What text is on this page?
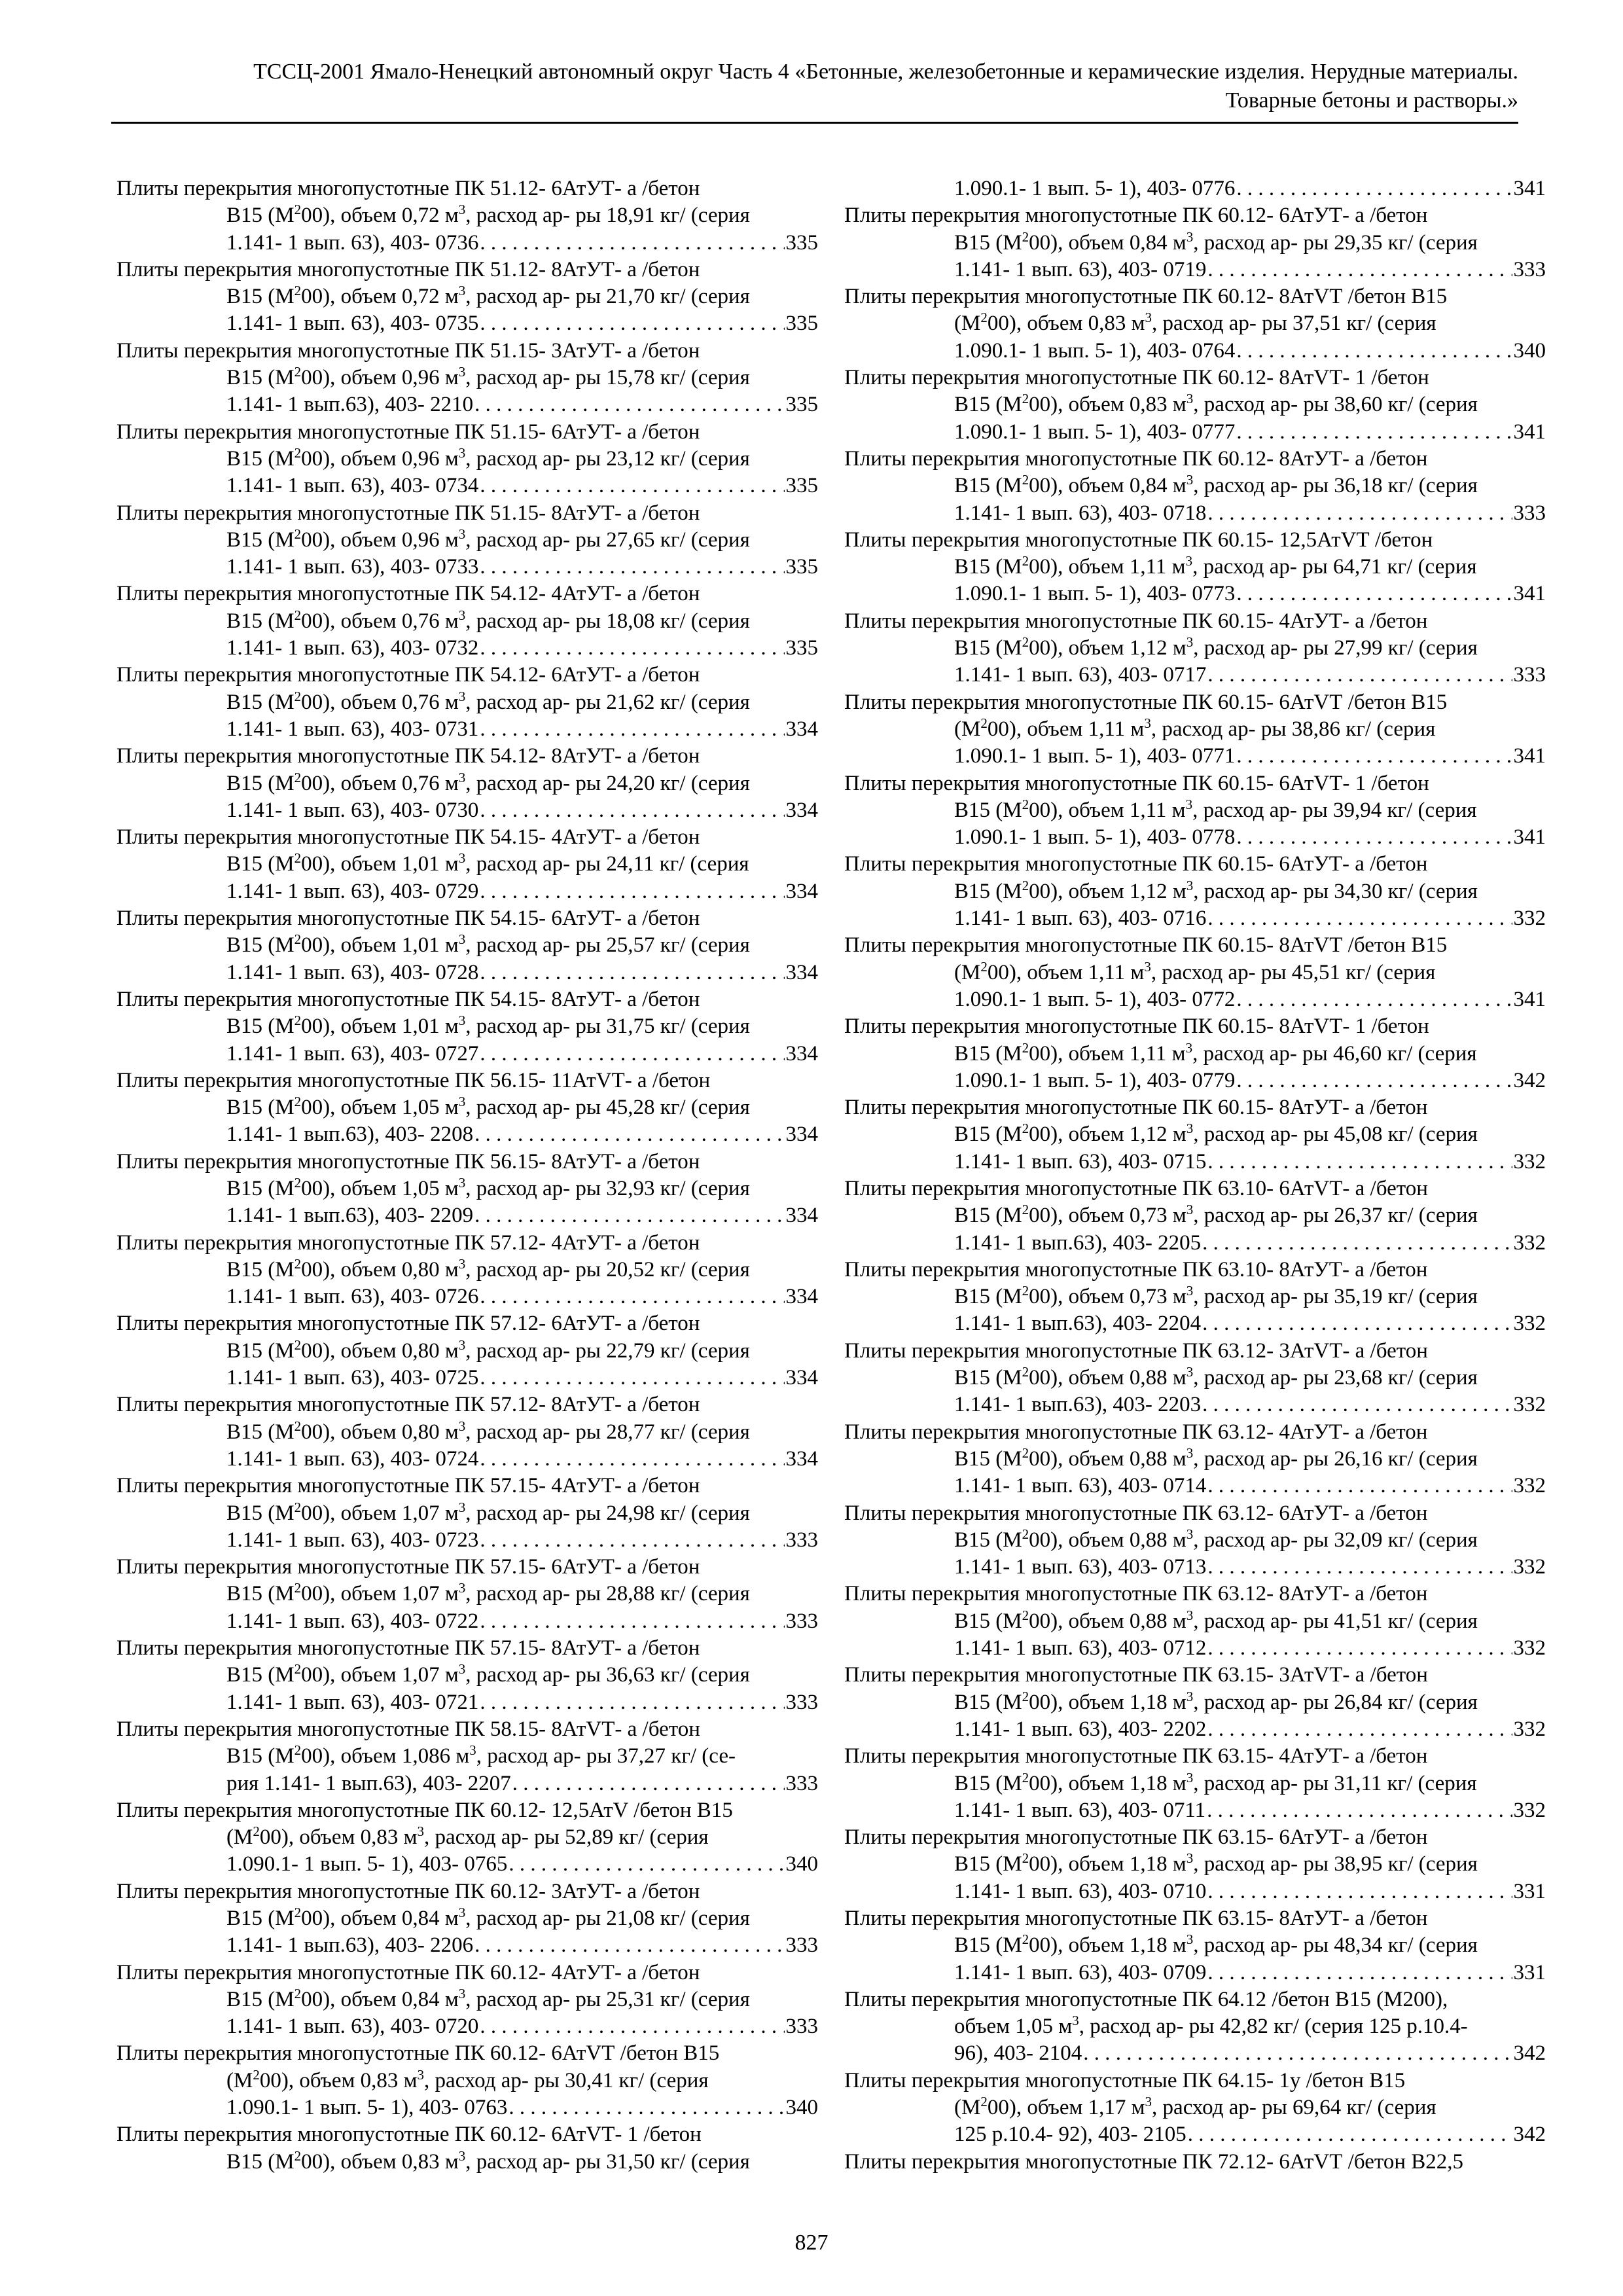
ТССЦ-2001 Ямало-Ненецкий автономный округ Часть 4 «Бетонные, железобетонные и керамические изделия. Нерудные материалы.
Товарные бетоны и растворы.»

Плиты перекрытия многопустотные ПК 51.12- 6АтУТ- а /бетон

В15 $(М^200)$, объем 0,72 $м^3$, расход ар- ры 18,91 кг/ (серия

1.141- 1 вып. 63), 403- 0736 . . .	335

Плиты перекрытия многопустотные ПК 51.12- 8АтУТ- а /бетон

В15 $(М^200)$, объем 0,72 $м^3$, расход ар- ры 21,70 кг/ (серия

1.141- 1 вып. 63), 403- 0735 . . .	335

Плиты перекрытия многопустотные ПК 51.15- 3АтУТ- а /бетон

В15 $(М^200)$, объем 0,96 $м^3$, расход ар- ры 15,78 кг/ (серия

1.141- 1 вып.63), 403- 2210 . . .	335

Плиты перекрытия многопустотные ПК 51.15- 6АтУТ- а /бетон

В15 $(М^200)$, объем 0,96 $м^3$, расход ар- ры 23,12 кг/ (серия

1.141- 1 вып. 63), 403- 0734 . . .	335

Плиты перекрытия многопустотные ПК 51.15- 8АтУТ- а /бетон

В15 $(М^200)$, объем 0,96 $м^3$, расход ар- ры 27,65 кг/ (серия

1.141- 1 вып. 63), 403- 0733 . . .	335

Плиты перекрытия многопустотные ПК 54.12- 4АтУТ- а /бетон

В15 $(М^200)$, объем 0,76 $м^3$, расход ар- ры 18,08 кг/ (серия

1.141- 1 вып. 63), 403- 0732 . . .	335

Плиты перекрытия многопустотные ПК 54.12- 6АтУТ- а /бетон

В15 $(М^200)$, объем 0,76 $м^3$, расход ар- ры 21,62 кг/ (серия

1.141- 1 вып. 63), 403- 0731 . . .	334

Плиты перекрытия многопустотные ПК 54.12- 8АтУТ- а /бетон

В15 $(М^200)$, объем 0,76 $м^3$, расход ар- ры 24,20 кг/ (серия

1.141- 1 вып. 63), 403- 0730 . . .	334

Плиты перекрытия многопустотные ПК 54.15- 4АтУТ- а /бетон

В15 $(М^200)$, объем 1,01 $м^3$, расход ар- ры 24,11 кг/ (серия

1.141- 1 вып. 63), 403- 0729 . . .	334

Плиты перекрытия многопустотные ПК 54.15- 6АтУТ- а /бетон

В15 $(М^200)$, объем 1,01 $м^3$, расход ар- ры 25,57 кг/ (серия

1.141- 1 вып. 63), 403- 0728 . . .	334

Плиты перекрытия многопустотные ПК 54.15- 8АтУТ- а /бетон

В15 $(М^200)$, объем 1,01 $м^3$, расход ар- ры 31,75 кг/ (серия

1.141- 1 вып. 63), 403- 0727 . . .	334

Плиты перекрытия многопустотные ПК 56.15- 11АтVТ- а /бетон

В15 $(М^200)$, объем 1,05 $м^3$, расход ар- ры 45,28 кг/ (серия

1.141- 1 вып.63), 403- 2208 . . .	334

Плиты перекрытия многопустотные ПК 56.15- 8АтУТ- а /бетон

В15 $(М^200)$, объем 1,05 $м^3$, расход ар- ры 32,93 кг/ (серия

1.141- 1 вып.63), 403- 2209 . . .	334

Плиты перекрытия многопустотные ПК 57.12- 4АтУТ- а /бетон

В15 $(М^200)$, объем 0,80 $м^3$, расход ар- ры 20,52 кг/ (серия

1.141- 1 вып. 63), 403- 0726 . . .	334

Плиты перекрытия многопустотные ПК 57.12- 6АтУТ- а /бетон

В15 $(М^200)$, объем 0,80 $м^3$, расход ар- ры 22,79 кг/ (серия

1.141- 1 вып. 63), 403- 0725 . . .	334

Плиты перекрытия многопустотные ПК 57.12- 8АтУТ- а /бетон

В15 $(М^200)$, объем 0,80 $м^3$, расход ар- ры 28,77 кг/ (серия

1.141- 1 вып. 63), 403- 0724 . . .	334

Плиты перекрытия многопустотные ПК 57.15- 4АтУТ- а /бетон

В15 $(М^200)$, объем 1,07 $м^3$, расход ар- ры 24,98 кг/ (серия

1.141- 1 вып. 63), 403- 0723 . . .	333

Плиты перекрытия многопустотные ПК 57.15- 6АтУТ- а /бетон

В15 $(М^200)$, объем 1,07 $м^3$, расход ар- ры 28,88 кг/ (серия

1.141- 1 вып. 63), 403- 0722 . . .	333

Плиты перекрытия многопустотные ПК 57.15- 8АтУТ- а /бетон

В15 $(М^200)$, объем 1,07 $м^3$, расход ар- ры 36,63 кг/ (серия

1.141- 1 вып. 63), 403- 0721 . . .	333

Плиты перекрытия многопустотные ПК 58.15- 8АтVТ- а /бетон

В15 $(М^200)$, объем 1,086 $м^3$, расход ар- ры 37,27 кг/ (се-

рия 1.141- 1 вып.63), 403- 2207 . . .	333

Плиты перекрытия многопустотные ПК 60.12- 12,5АтV /бетон В15

$(М^200)$, объем 0,83 $м^3$, расход ар- ры 52,89 кг/ (серия

1.090.1- 1 вып. 5- 1), 403- 0765 . . .	340

Плиты перекрытия многопустотные ПК 60.12- 3АтУТ- а /бетон

В15 $(М^200)$, объем 0,84 $м^3$, расход ар- ры 21,08 кг/ (серия

1.141- 1 вып.63), 403- 2206 . . .	333

Плиты перекрытия многопустотные ПК 60.12- 4АтУТ- а /бетон

В15 $(М^200)$, объем 0,84 $м^3$, расход ар- ры 25,31 кг/ (серия

1.141- 1 вып. 63), 403- 0720 . . .	333

Плиты перекрытия многопустотные ПК 60.12- 6АтVТ /бетон В15

$(М^200)$, объем 0,83 $м^3$, расход ар- ры 30,41 кг/ (серия

1.090.1- 1 вып. 5- 1), 403- 0763 . . .	340

Плиты перекрытия многопустотные ПК 60.12- 6АтVТ- 1 /бетон

В15 $(М^200)$, объем 0,83 $м^3$, расход ар- ры 31,50 кг/ (серия

1.090.1- 1 вып. 5- 1), 403- 0776 . . .	341

Плиты перекрытия многопустотные ПК 60.12- 6АтУТ- а /бетон

В15 $(М^200)$, объем 0,84 $м^3$, расход ар- ры 29,35 кг/ (серия

1.141- 1 вып. 63), 403- 0719 . . .	333

Плиты перекрытия многопустотные ПК 60.12- 8АтVТ /бетон В15

$(М^200)$, объем 0,83 $м^3$, расход ар- ры 37,51 кг/ (серия

1.090.1- 1 вып. 5- 1), 403- 0764 . . .	340

Плиты перекрытия многопустотные ПК 60.12- 8АтVТ- 1 /бетон

В15 $(М^200)$, объем 0,83 $м^3$, расход ар- ры 38,60 кг/ (серия

1.090.1- 1 вып. 5- 1), 403- 0777 . . .	341

Плиты перекрытия многопустотные ПК 60.12- 8АтУТ- а /бетон

В15 $(М^200)$, объем 0,84 $м^3$, расход ар- ры 36,18 кг/ (серия

1.141- 1 вып. 63), 403- 0718 . . .	333

Плиты перекрытия многопустотные ПК 60.15- 12,5АтVТ /бетон

В15 $(М^200)$, объем 1,11 $м^3$, расход ар- ры 64,71 кг/ (серия

1.090.1- 1 вып. 5- 1), 403- 0773 . . .	341

Плиты перекрытия многопустотные ПК 60.15- 4АтУТ- а /бетон

В15 $(М^200)$, объем 1,12 $м^3$, расход ар- ры 27,99 кг/ (серия

1.141- 1 вып. 63), 403- 0717 . . .	333

Плиты перекрытия многопустотные ПК 60.15- 6АтVТ /бетон В15

$(М^200)$, объем 1,11 $м^3$, расход ар- ры 38,86 кг/ (серия

1.090.1- 1 вып. 5- 1), 403- 0771 . . .	341

Плиты перекрытия многопустотные ПК 60.15- 6АтVТ- 1 /бетон

В15 $(М^200)$, объем 1,11 $м^3$, расход ар- ры 39,94 кг/ (серия

1.090.1- 1 вып. 5- 1), 403- 0778 . . .	341

Плиты перекрытия многопустотные ПК 60.15- 6АтУТ- а /бетон

В15 $(М^200)$, объем 1,12 $м^3$, расход ар- ры 34,30 кг/ (серия

1.141- 1 вып. 63), 403- 0716 . . .	332

Плиты перекрытия многопустотные ПК 60.15- 8АтVТ /бетон В15

$(М^200)$, объем 1,11 $м^3$, расход ар- ры 45,51 кг/ (серия

1.090.1- 1 вып. 5- 1), 403- 0772 . . .	341

Плиты перекрытия многопустотные ПК 60.15- 8АтVТ- 1 /бетон

В15 $(М^200)$, объем 1,11 $м^3$, расход ар- ры 46,60 кг/ (серия

1.090.1- 1 вып. 5- 1), 403- 0779 . . .	342

Плиты перекрытия многопустотные ПК 60.15- 8АтУТ- а /бетон

В15 $(М^200)$, объем 1,12 $м^3$, расход ар- ры 45,08 кг/ (серия

1.141- 1 вып. 63), 403- 0715 . . .	332

Плиты перекрытия многопустотные ПК 63.10- 6АтVТ- а /бетон

В15 $(М^200)$, объем 0,73 $м^3$, расход ар- ры 26,37 кг/ (серия

1.141- 1 вып.63), 403- 2205 . . .	332

Плиты перекрытия многопустотные ПК 63.10- 8АтУТ- а /бетон

В15 $(М^200)$, объем 0,73 $м^3$, расход ар- ры 35,19 кг/ (серия

1.141- 1 вып.63), 403- 2204 . . .	332

Плиты перекрытия многопустотные ПК 63.12- 3АтVТ- а /бетон

В15 $(М^200)$, объем 0,88 $м^3$, расход ар- ры 23,68 кг/ (серия

1.141- 1 вып.63), 403- 2203 . . .	332

Плиты перекрытия многопустотные ПК 63.12- 4АтУТ- а /бетон

В15 $(М^200)$, объем 0,88 $м^3$, расход ар- ры 26,16 кг/ (серия

1.141- 1 вып. 63), 403- 0714 . . .	332

Плиты перекрытия многопустотные ПК 63.12- 6АтУТ- а /бетон

В15 $(М^200)$, объем 0,88 $м^3$, расход ар- ры 32,09 кг/ (серия

1.141- 1 вып. 63), 403- 0713 . . .	332

Плиты перекрытия многопустотные ПК 63.12- 8АтУТ- а /бетон

В15 $(М^200)$, объем 0,88 $м^3$, расход ар- ры 41,51 кг/ (серия

1.141- 1 вып. 63), 403- 0712 . . .	332

Плиты перекрытия многопустотные ПК 63.15- 3АтVТ- а /бетон

В15 $(М^200)$, объем 1,18 $м^3$, расход ар- ры 26,84 кг/ (серия

1.141- 1 вып. 63), 403- 2202 . . .	332

Плиты перекрытия многопустотные ПК 63.15- 4АтУТ- а /бетон

В15 $(М^200)$, объем 1,18 $м^3$, расход ар- ры 31,11 кг/ (серия

1.141- 1 вып. 63), 403- 0711 . . .	332

Плиты перекрытия многопустотные ПК 63.15- 6АтУТ- а /бетон

В15 $(М^200)$, объем 1,18 $м^3$, расход ар- ры 38,95 кг/ (серия

1.141- 1 вып. 63), 403- 0710 . . .	331

Плиты перекрытия многопустотные ПК 63.15- 8АтУТ- а /бетон

В15 $(М^200)$, объем 1,18 $м^3$, расход ар- ры 48,34 кг/ (серия

1.141- 1 вып. 63), 403- 0709 . . .	331

Плиты перекрытия многопустотные ПК 64.12 /бетон В15 (М200),

объем 1,05 $м^3$, расход ар- ры 42,82 кг/ (серия 125 р.10.4-

96), 403- 2104 . . .	342

Плиты перекрытия многопустотные ПК 64.15- 1у /бетон В15

$(М^200)$, объем 1,17 $м^3$, расход ар- ры 69,64 кг/ (серия

125 р.10.4- 92), 403- 2105 . . .	342

Плиты перекрытия многопустотные ПК 72.12- 6АтVТ /бетон В22,5

827
